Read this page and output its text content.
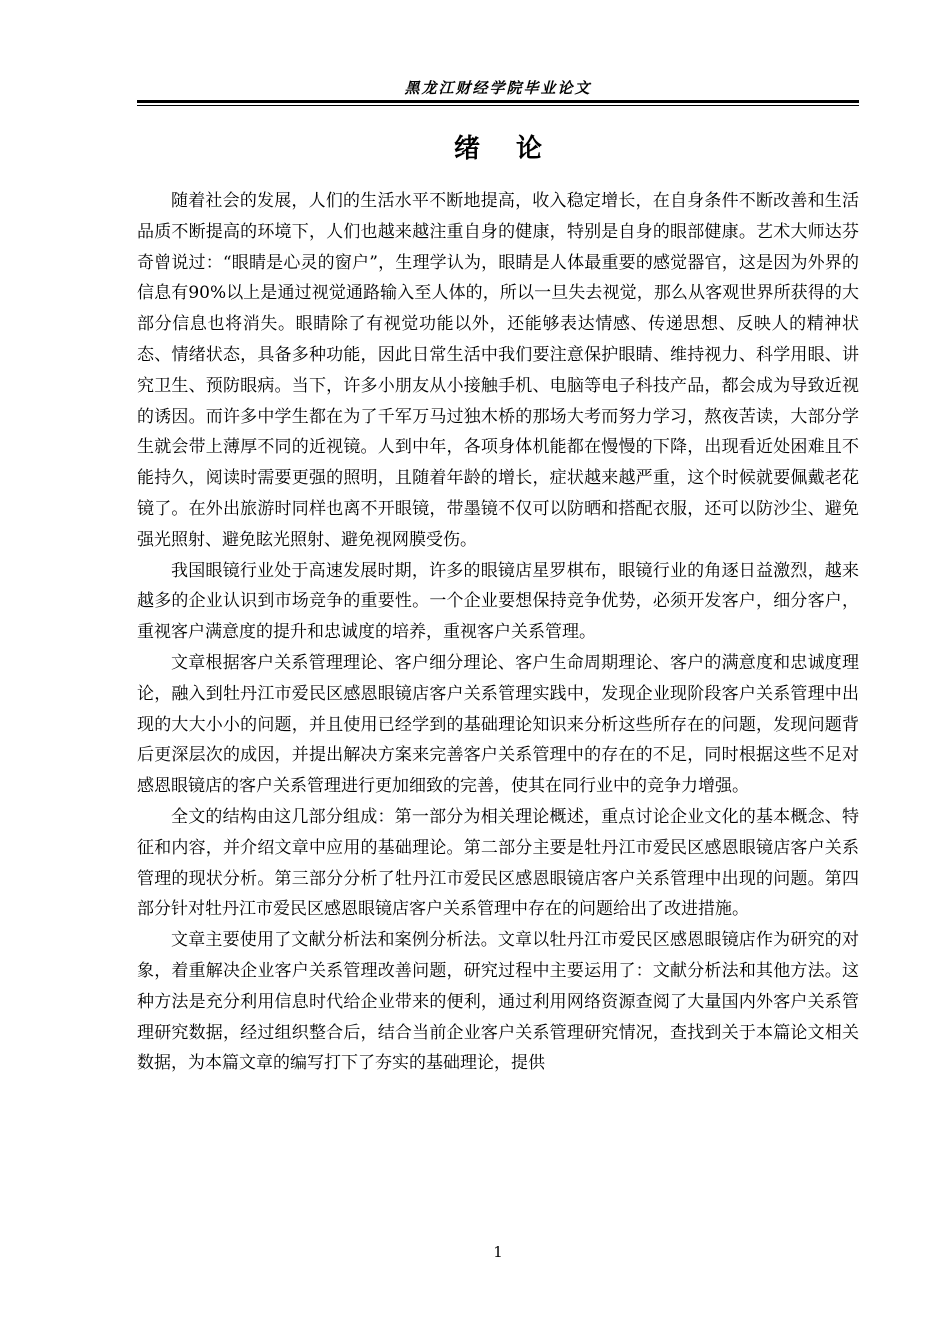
黑龙江财经学院毕业论文
绪论

随着社会的发展，人们的生活水平不断地提高，收入稳定增长，在自身条件不断改善和生活品质不断提高的环境下，人们也越来越注重自身的健康，特别是自身的眼部健康。艺术大师达芬奇曾说过：“眼睛是心灵的窗户”，生理学认为，眼睛是人体最重要的感觉器官，这是因为外界的信息有90%以上是通过视觉通路输入至人体的，所以一旦失去视觉，那么从客观世界所获得的大部分信息也将消失。眼睛除了有视觉功能以外，还能够表达情感、传递思想、反映人的精神状态、情绪状态，具备多种功能，因此日常生活中我们要注意保护眼睛、维持视力、科学用眼、讲究卫生、预防眼病。当下，许多小朋友从小接触手机、电脑等电子科技产品，都会成为导致近视的诱因。而许多中学生都在为了千军万马过独木桥的那场大考而努力学习，熬夜苦读，大部分学生就会带上薄厚不同的近视镜。人到中年，各项身体机能都在慢慢的下降，出现看近处困难且不能持久，阅读时需要更强的照明，且随着年龄的增长，症状越来越严重，这个时候就要佩戴老花镜了。在外出旅游时同样也离不开眼镜，带墨镜不仅可以防晒和搭配衣服，还可以防沙尘、避免强光照射、避免眩光照射、避免视网膜受伤。

我国眼镜行业处于高速发展时期，许多的眼镜店星罗棋布，眼镜行业的角逐日益激烈，越来越多的企业认识到市场竞争的重要性。一个企业要想保持竞争优势，必须开发客户，细分客户，重视客户满意度的提升和忠诚度的培养，重视客户关系管理。

文章根据客户关系管理理论、客户细分理论、客户生命周期理论、客户的满意度和忠诚度理论，融入到牡丹江市爱民区感恩眼镜店客户关系管理实践中，发现企业现阶段客户关系管理中出现的大大小小的问题，并且使用已经学到的基础理论知识来分析这些所存在的问题，发现问题背后更深层次的成因，并提出解决方案来完善客户关系管理中的存在的不足，同时根据这些不足对感恩眼镜店的客户关系管理进行更加细致的完善，使其在同行业中的竞争力增强。

全文的结构由这几部分组成：第一部分为相关理论概述，重点讨论企业文化的基本概念、特征和内容，并介绍文章中应用的基础理论。第二部分主要是牡丹江市爱民区感恩眼镜店客户关系管理的现状分析。第三部分分析了牡丹江市爱民区感恩眼镜店客户关系管理中出现的问题。第四部分针对牡丹江市爱民区感恩眼镜店客户关系管理中存在的问题给出了改进措施。

文章主要使用了文献分析法和案例分析法。文章以牡丹江市爱民区感恩眼镜店作为研究的对象，着重解决企业客户关系管理改善问题，研究过程中主要运用了：文献分析法和其他方法。这种方法是充分利用信息时代给企业带来的便利，通过利用网络资源查阅了大量国内外客户关系管理研究数据，经过组织整合后，结合当前企业客户关系管理研究情况，查找到关于本篇论文相关数据，为本篇文章的编写打下了夯实的基础理论，提供

1
